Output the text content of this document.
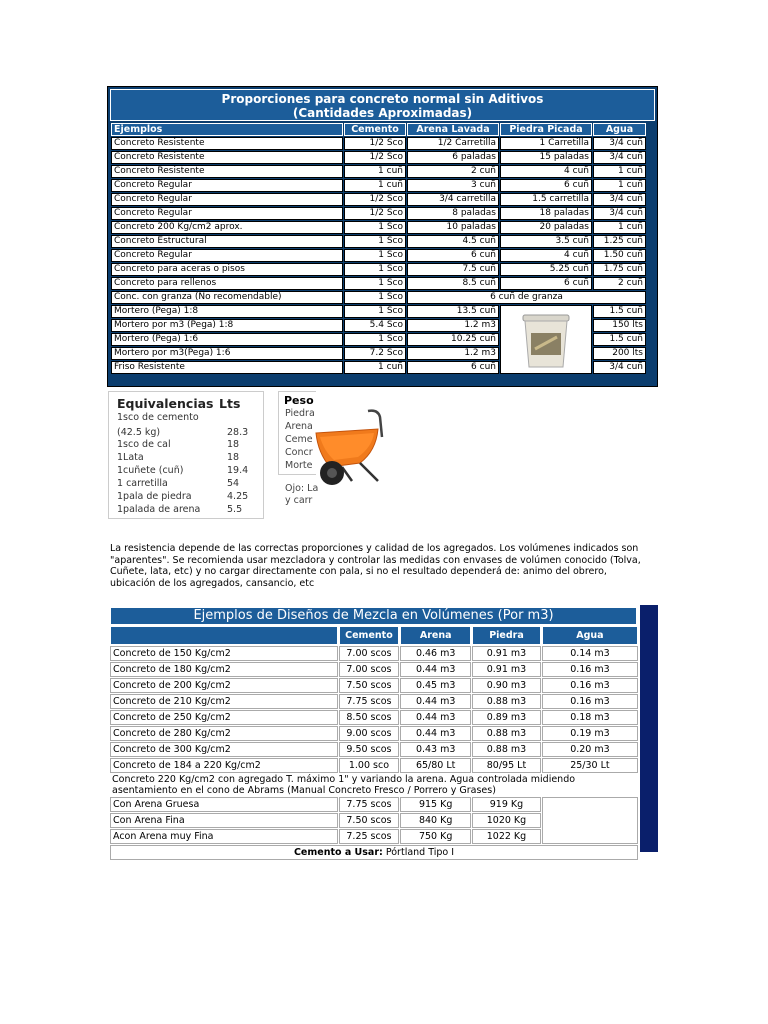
Proporciones para concreto normal sin Aditivos
(Cantidades Aproximadas)
Ejemplos	Cemento	Arena Lavada	Piedra Picada	Agua
Concreto Resistente	1/2 Sco	1/2 Carretilla	1 Carretilla	3/4 cuñ
Concreto Resistente	1/2 Sco	6 paladas	15 paladas	3/4 cuñ
Concreto Resistente	1 cuñ	2 cuñ	4 cuñ	1 cuñ
Concreto Regular	1 cuñ	3 cuñ	6 cuñ	1 cuñ
Concreto Regular	1/2 Sco	3/4 carretilla	1.5 carretilla	3/4 cuñ
Concreto Regular	1/2 Sco	8 paladas	18 paladas	3/4 cuñ
Concreto 200 Kg/cm2 aprox.	1 Sco	10 paladas	20 paladas	1 cuñ
Concreto Estructural	1 Sco	4.5 cuñ	3.5 cuñ	1.25 cuñ
Concreto Regular	1 Sco	6 cuñ	4 cuñ	1.50 cuñ
Concreto para aceras o pisos	1 Sco	7.5 cuñ	5.25 cuñ	1.75 cuñ
Concreto para rellenos	1 Sco	8.5 cuñ	6 cuñ	2 cuñ
Conc. con granza (No recomendable)	1 Sco	6 cuñ de granza		
Mortero (Pega) 1:8	1 Sco	13.5 cuñ		1.5 cuñ
Mortero por m3 (Pega) 1:8	5.4 Sco	1.2 m3		150 lts
Mortero (Pega) 1:6	1 Sco	10.25 cuñ		1.5 cuñ
Mortero por m3(Pega) 1:6	7.2 Sco	1.2 m3		200 lts
Friso Resistente	1 cuñ	6 cuñ		3/4 cuñ
Equivalencias Lts
1sco de cemento
(42.5 kg)	28.3
1sco de cal	18
1Lata	18
1cuñete (cuñ)	19.4
1 carretilla	54
1pala de piedra	4.25
1palada de arena	5.5
Peso
Piedra
Arena
Ceme
Concr
Morte
Ojo: La
y carr
La resistencia depende de las correctas proporciones y calidad de los agregados. Los volúmenes indicados son "aparentes". Se recomienda usar mezcladora y controlar las medidas con envases de volúmen conocido (Tolva, Cuñete, lata, etc) y no cargar directamente con pala, si no el resultado dependerá de: animo del obrero, ubicación de los agregados, cansancio, etc
Ejemplos de Diseños de Mezcla en Volúmenes (Por m3)
	Cemento	Arena	Piedra	Agua
Concreto de 150 Kg/cm2	7.00 scos	0.46 m3	0.91 m3	0.14 m3
Concreto de 180 Kg/cm2	7.00 scos	0.44 m3	0.91 m3	0.16 m3
Concreto de 200 Kg/cm2	7.50 scos	0.45 m3	0.90 m3	0.16 m3
Concreto de 210 Kg/cm2	7.75 scos	0.44 m3	0.88 m3	0.16 m3
Concreto de 250 Kg/cm2	8.50 scos	0.44 m3	0.89 m3	0.18 m3
Concreto de 280 Kg/cm2	9.00 scos	0.44 m3	0.88 m3	0.19 m3
Concreto de 300 Kg/cm2	9.50 scos	0.43 m3	0.88 m3	0.20 m3
Concreto de 184 a 220 Kg/cm2	1.00 sco	65/80 Lt	80/95 Lt	25/30 Lt
Concreto 220 Kg/cm2 con agregado T. máximo 1" y variando la arena. Agua controlada midiendo asentamiento en el cono de Abrams (Manual Concreto Fresco / Porrero y Grases)				
Con Arena Gruesa	7.75 scos	915 Kg	919 Kg	
Con Arena Fina	7.50 scos	840 Kg	1020 Kg	
Acon Arena muy Fina	7.25 scos	750 Kg	1022 Kg	
Cemento a Usar: Pórtland Tipo I				
